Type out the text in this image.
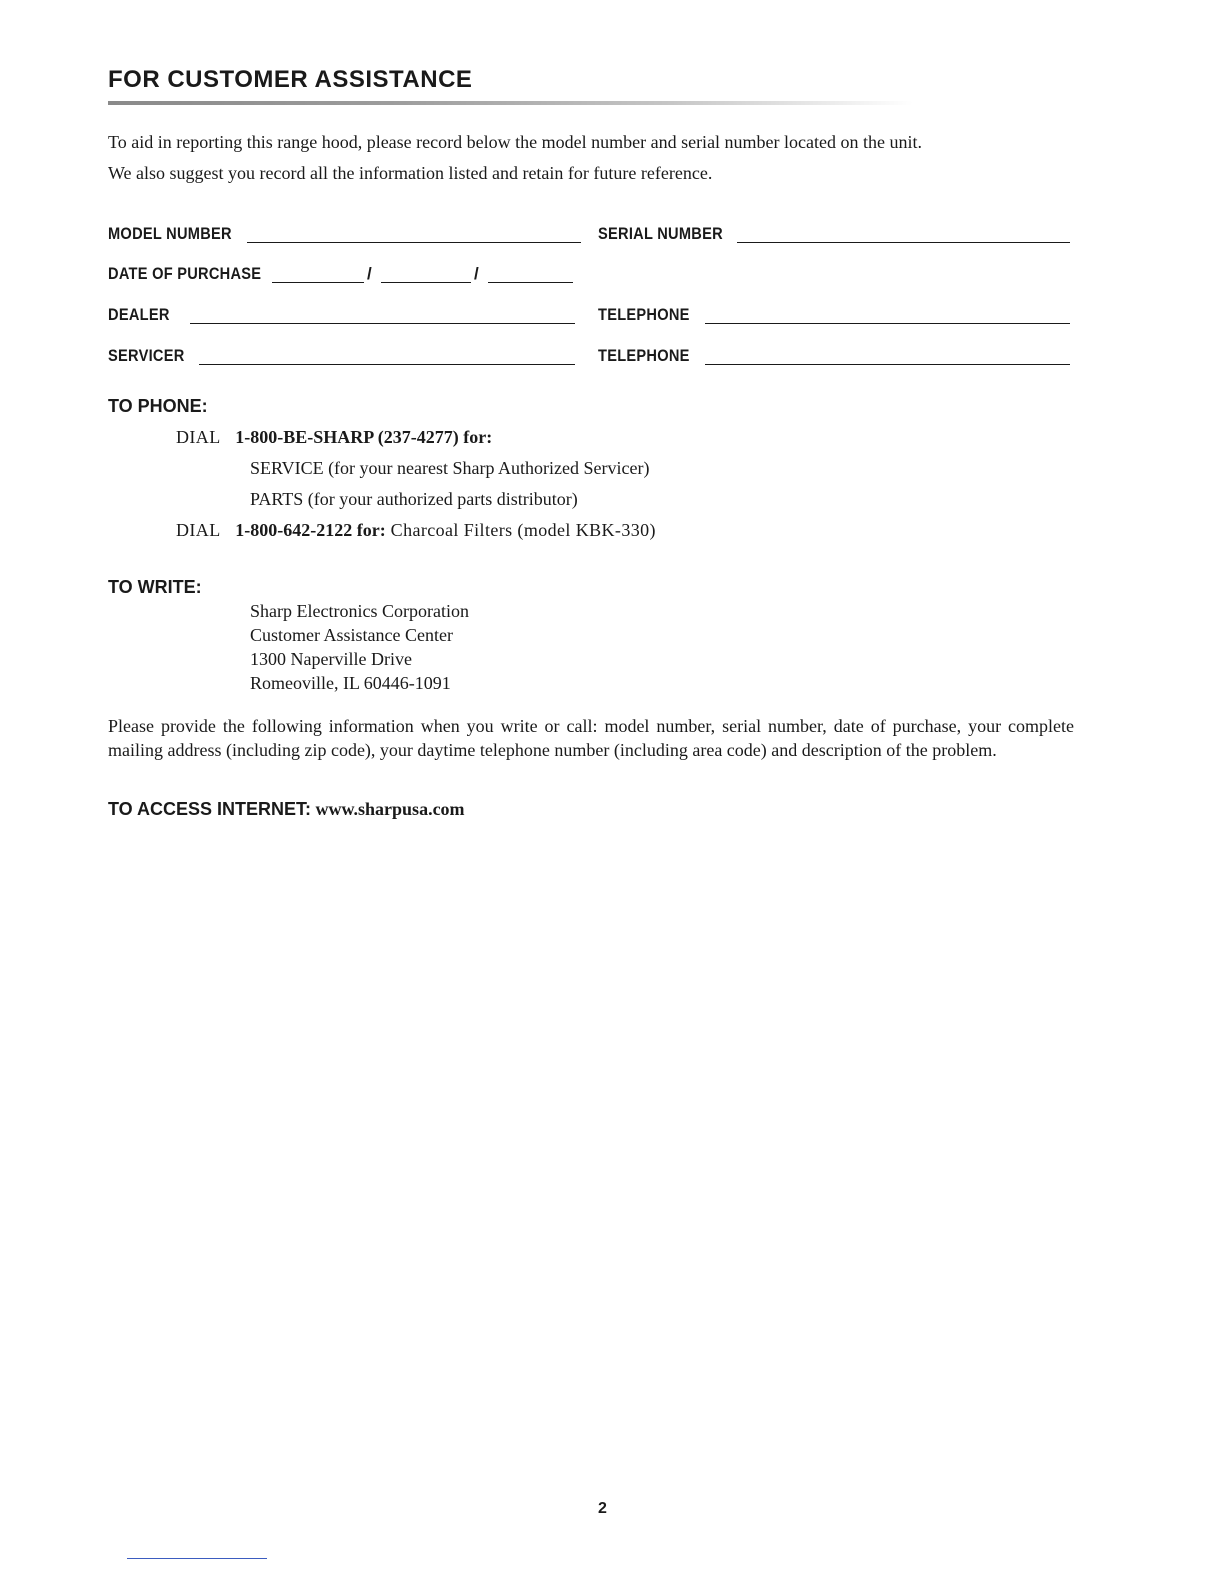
FOR CUSTOMER ASSISTANCE
To aid in reporting this range hood, please record below the model number and serial number located on the unit.
We also suggest you record all the information listed and retain for future reference.
MODEL NUMBER	SERIAL NUMBER
DATE OF PURCHASE	/	/
DEALER	TELEPHONE
SERVICER	TELEPHONE
TO PHONE:
DIAL 1-800-BE-SHARP (237-4277) for:
SERVICE (for your nearest Sharp Authorized Servicer)
PARTS (for your authorized parts distributor)
DIAL 1-800-642-2122 for: Charcoal Filters (model KBK-330)
TO WRITE:
Sharp Electronics Corporation
Customer Assistance Center
1300 Naperville Drive
Romeoville, IL 60446-1091
Please provide the following information when you write or call: model number, serial number, date of purchase, your complete mailing address (including zip code), your daytime telephone number (including area code) and description of the problem.
TO ACCESS INTERNET: www.sharpusa.com
2
